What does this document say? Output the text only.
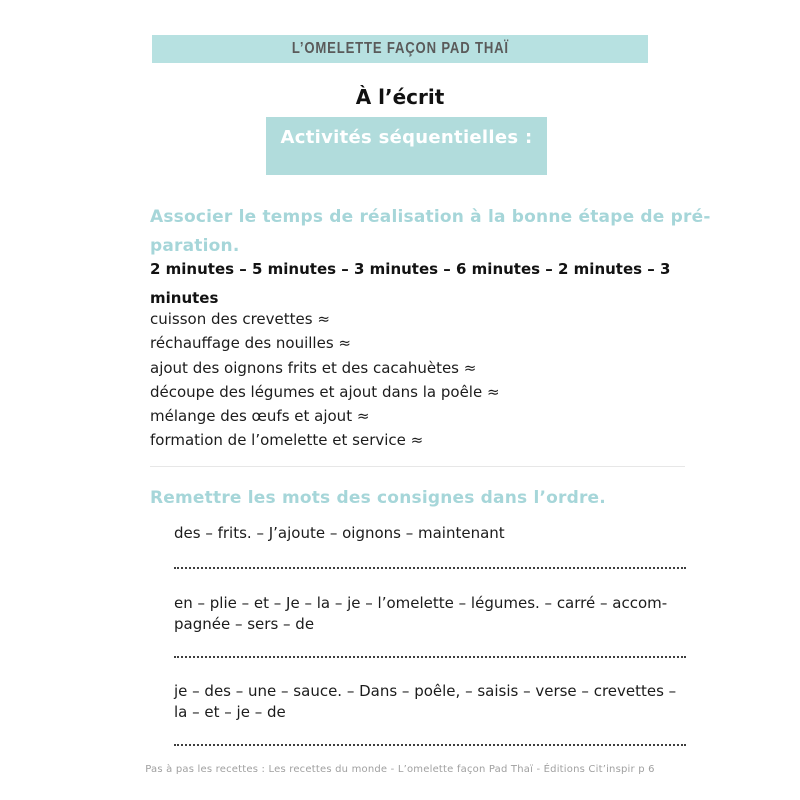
L’OMELETTE FAÇON PAD THAÏ
À l’écrit
Activités séquentielles :
Associer le temps de réalisation à la bonne étape de pré-
paration.
2 minutes – 5 minutes – 3 minutes – 6 minutes – 2 minutes – 3
minutes
cuisson des crevettes ≈
réchauffage des nouilles ≈
ajout des oignons frits et des cacahuètes ≈
découpe des légumes et ajout dans la poêle ≈
mélange des œufs et ajout ≈
formation de l’omelette et service ≈
Remettre les mots des consignes dans l’ordre.
des – frits. – J’ajoute – oignons – maintenant
en – plie – et – Je – la – je – l’omelette – légumes. – carré – accom-
pagnée – sers – de
je – des – une – sauce. – Dans – poêle, – saisis – verse – crevettes –
la – et – je – de
Pas à pas les recettes : Les recettes du monde - L’omelette façon Pad Thaï - Éditions Cit’inspir p 6
